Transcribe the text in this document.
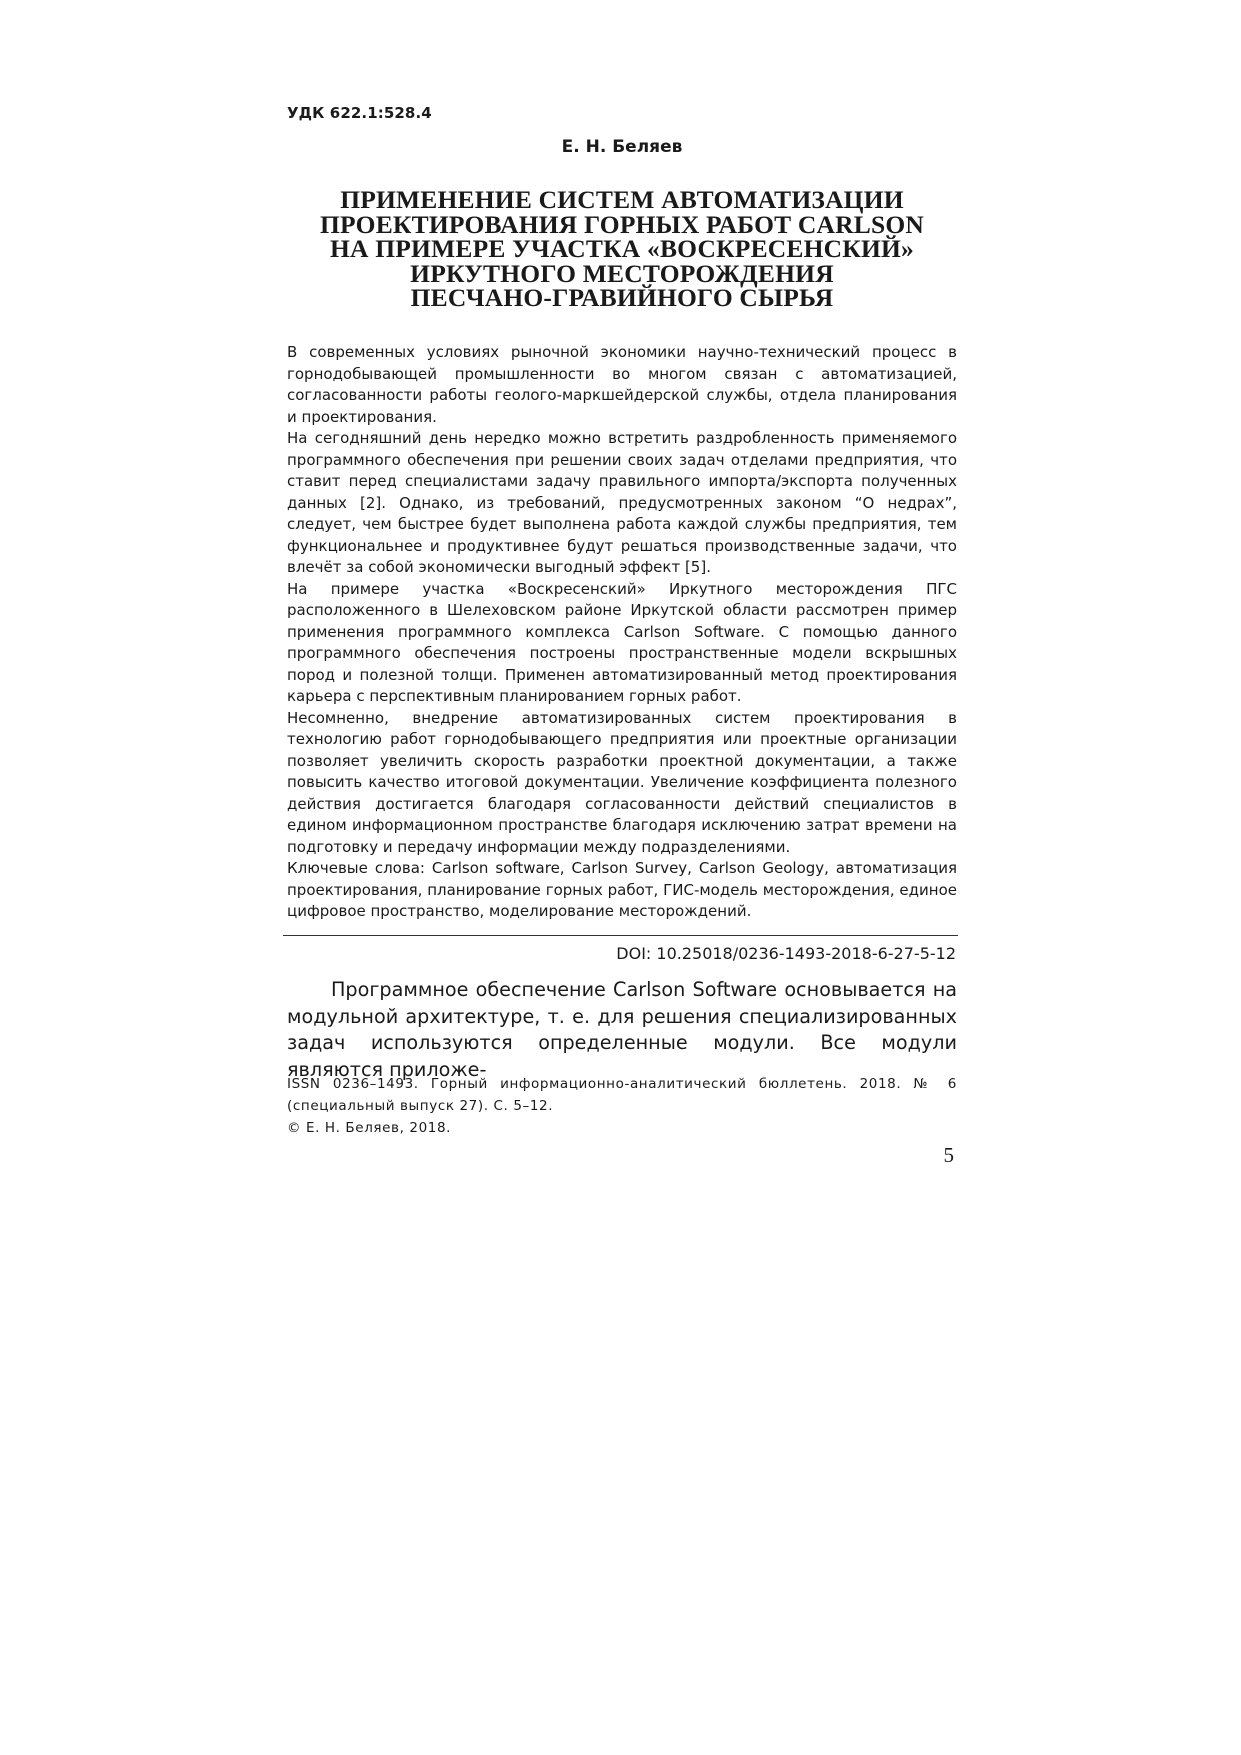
УДК 622.1:528.4
Е. Н. Беляев
ПРИМЕНЕНИЕ СИСТЕМ АВТОМАТИЗАЦИИ
ПРОЕКТИРОВАНИЯ ГОРНЫХ РАБОТ CARLSON
НА ПРИМЕРЕ УЧАСТКА «ВОСКРЕСЕНСКИЙ»
ИРКУТНОГО МЕСТОРОЖДЕНИЯ
ПЕСЧАНО-ГРАВИЙНОГО СЫРЬЯ

В современных условиях рыночной экономики научно-технический процесс в горнодобывающей промышленности во многом связан с автоматизацией, согласованности работы геолого-маркшейдерской службы, отдела планирования и проектирования.

На сегодняшний день нередко можно встретить раздробленность применяемого программного обеспечения при решении своих задач отделами предприятия, что ставит перед специалистами задачу правильного импорта/экспорта полученных данных [2]. Однако, из требований, предусмотренных законом “О недрах”, следует, чем быстрее будет выполнена работа каждой службы предприятия, тем функциональнее и продуктивнее будут решаться производственные задачи, что влечёт за собой экономически выгодный эффект [5].

На примере участка «Воскресенский» Иркутного месторождения ПГС расположенного в Шелеховском районе Иркутской области рассмотрен пример применения программного комплекса Carlson Software. С помощью данного программного обеспечения построены пространственные модели вскрышных пород и полезной толщи. Применен автоматизированный метод проектирования карьера с перспективным планированием горных работ.

Несомненно, внедрение автоматизированных систем проектирования в технологию работ горнодобывающего предприятия или проектные организации позволяет увеличить скорость разработки проектной документации, а также повысить качество итоговой документации. Увеличение коэффициента полезного действия достигается благодаря согласованности действий специалистов в едином информационном пространстве благодаря исключению затрат времени на подготовку и передачу информации между подразделениями.

Ключевые слова: Carlson software, Carlson Survey, Carlson Geology, автоматизация проектирования, планирование горных работ, ГИС-модель месторождения, единое цифровое пространство, моделирование месторождений.

DOI: 10.25018/0236-1493-2018-6-27-5-12

Программное обеспечение Carlson Software основывается на модульной архитектуре, т. е. для решения специализированных задач используются определенные модули. Все модули являются приложе-

ISSN 0236–1493. Горный информационно-аналитический бюллетень. 2018. № 6
(специальный выпуск 27). С. 5–12.
© Е. Н. Беляев, 2018.
5
